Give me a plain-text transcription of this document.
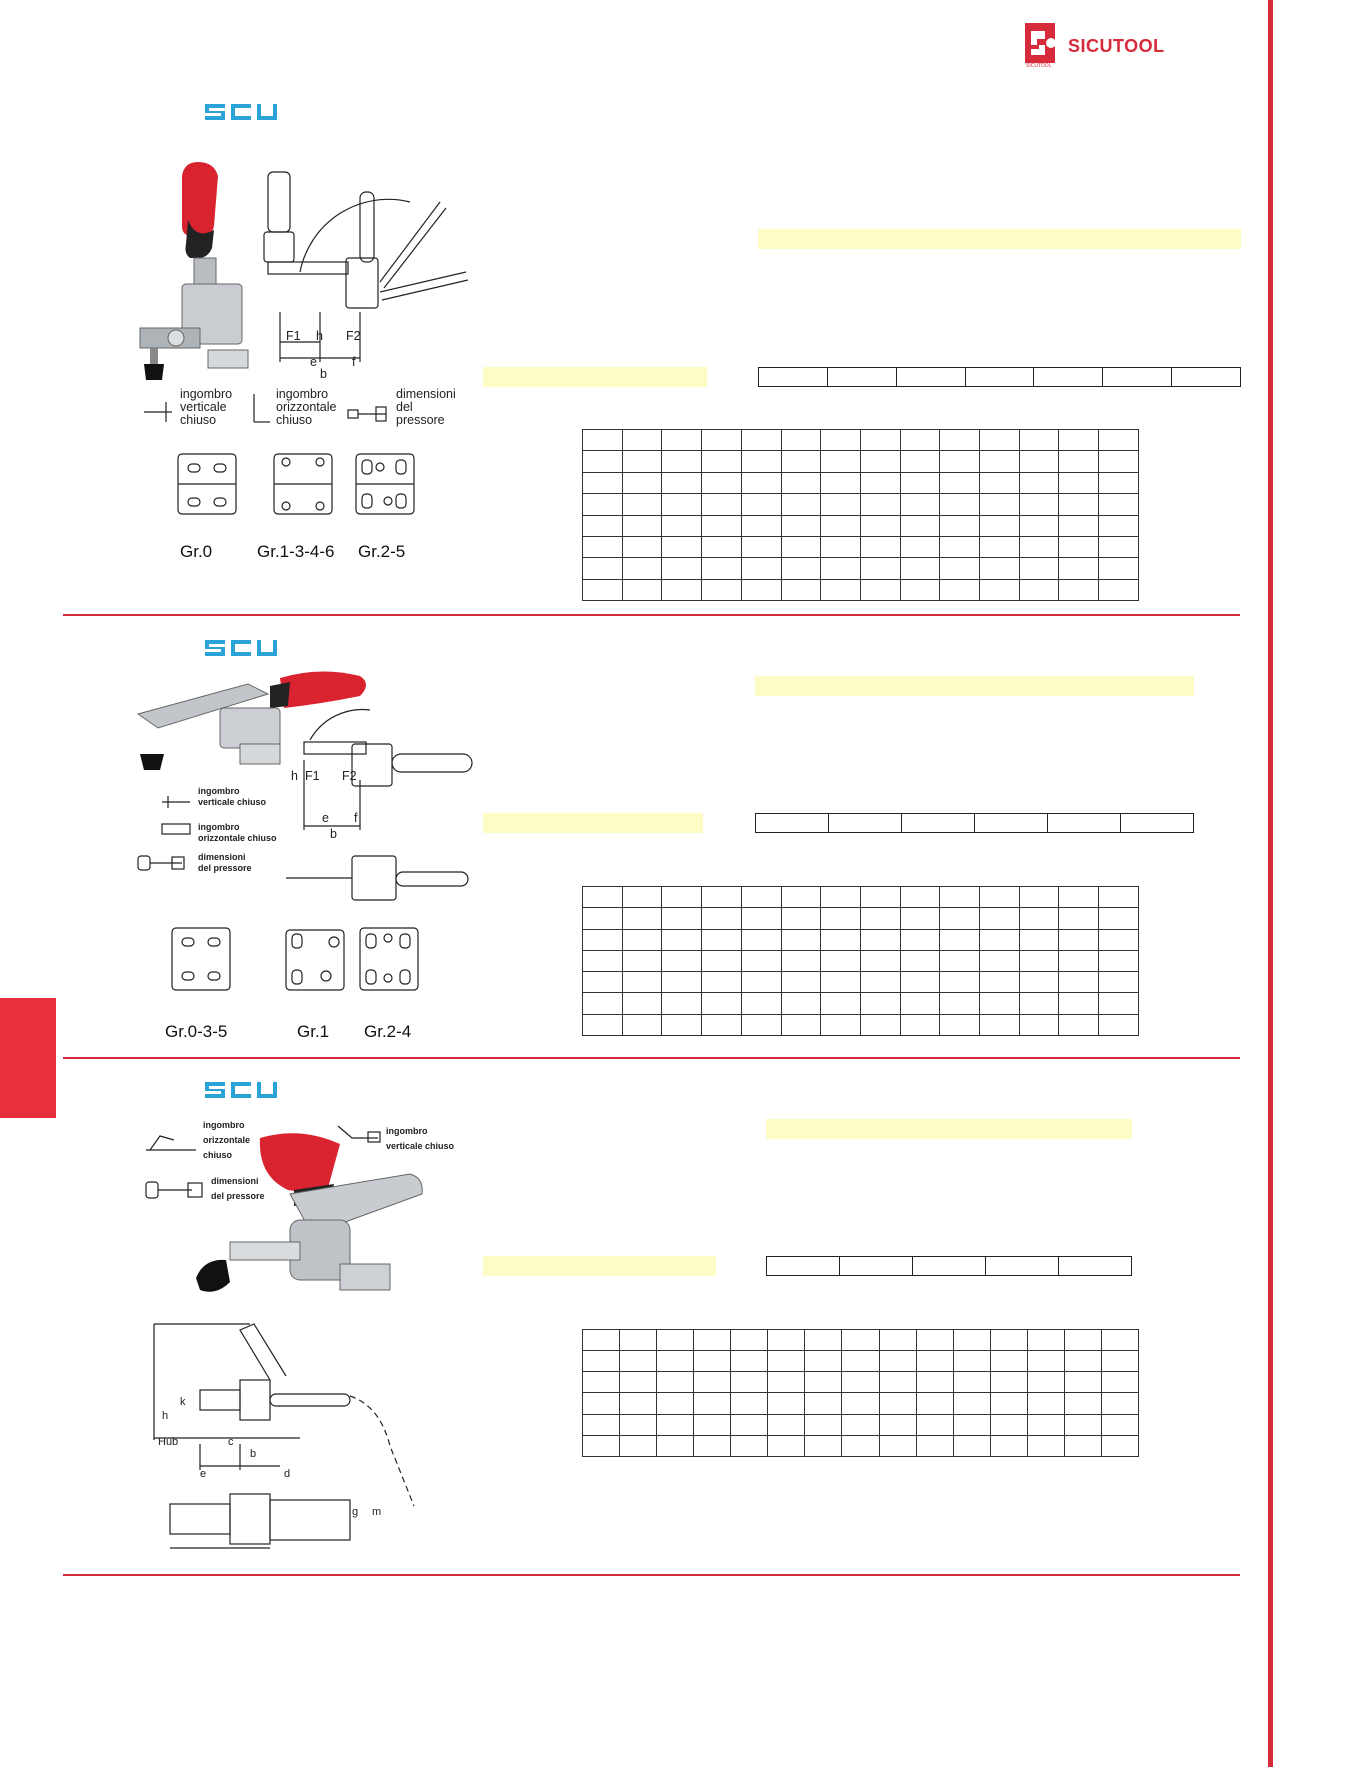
SICUTOOL
SICUTOOL
F1 h F2
e	f
b
ingombro
verticale
chiuso
ingombro
orizzontale
chiuso
dimensioni
del
pressore
Gr.0	Gr.1-3-4-6 Gr.2-5

F1
h	F2
e f
b
ingombro
verticale chiuso
ingombro
orizzontale chiuso
dimensioni
del pressore
Gr.0-3-5	Gr.1 Gr.2-4

ingombro
orizzontale
chiuso
ingombro
verticale chiuso
dimensioni
del pressore
Hub	c
b
e	d
h
k
g m
